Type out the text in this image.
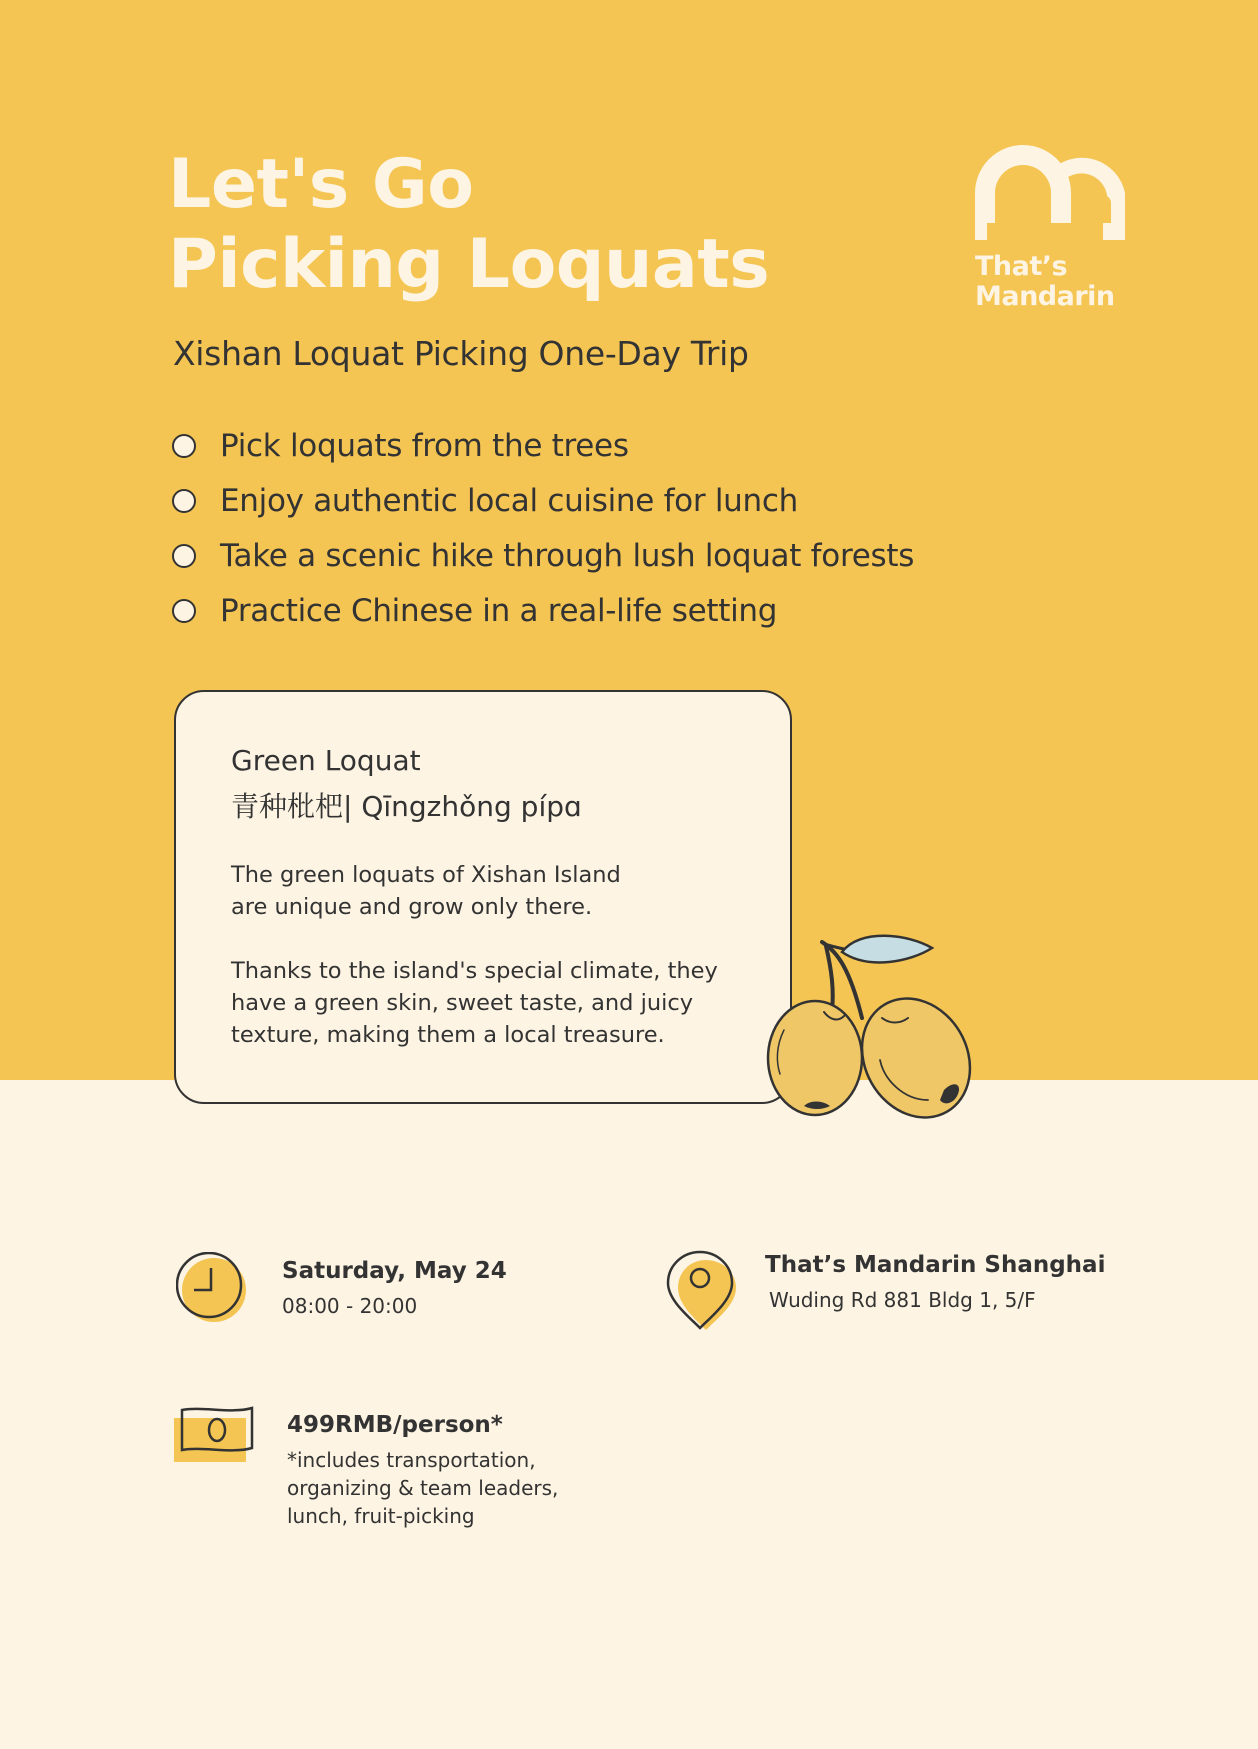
Let's Go
Picking Loquats	That’s
Mandarin
Xishan Loquat Picking One-Day Trip
Pick loquats from the trees
Enjoy authentic local cuisine for lunch
Take a scenic hike through lush loquat forests
Practice Chinese in a real-life setting

Green Loquat

青种枇杷| Qīngzhǒng pípɑ

The green loquats of Xishan Island
are unique and grow only there.

Thanks to the island's special climate, they
have a green skin, sweet taste, and juicy
texture, making them a local treasure.

Saturday, May 24

08:00 - 20:00

That’s Mandarin Shanghai

Wuding Rd 881 Bldg 1, 5/F

499RMB/person*

*includes transportation,
organizing & team leaders,
lunch, fruit-picking
